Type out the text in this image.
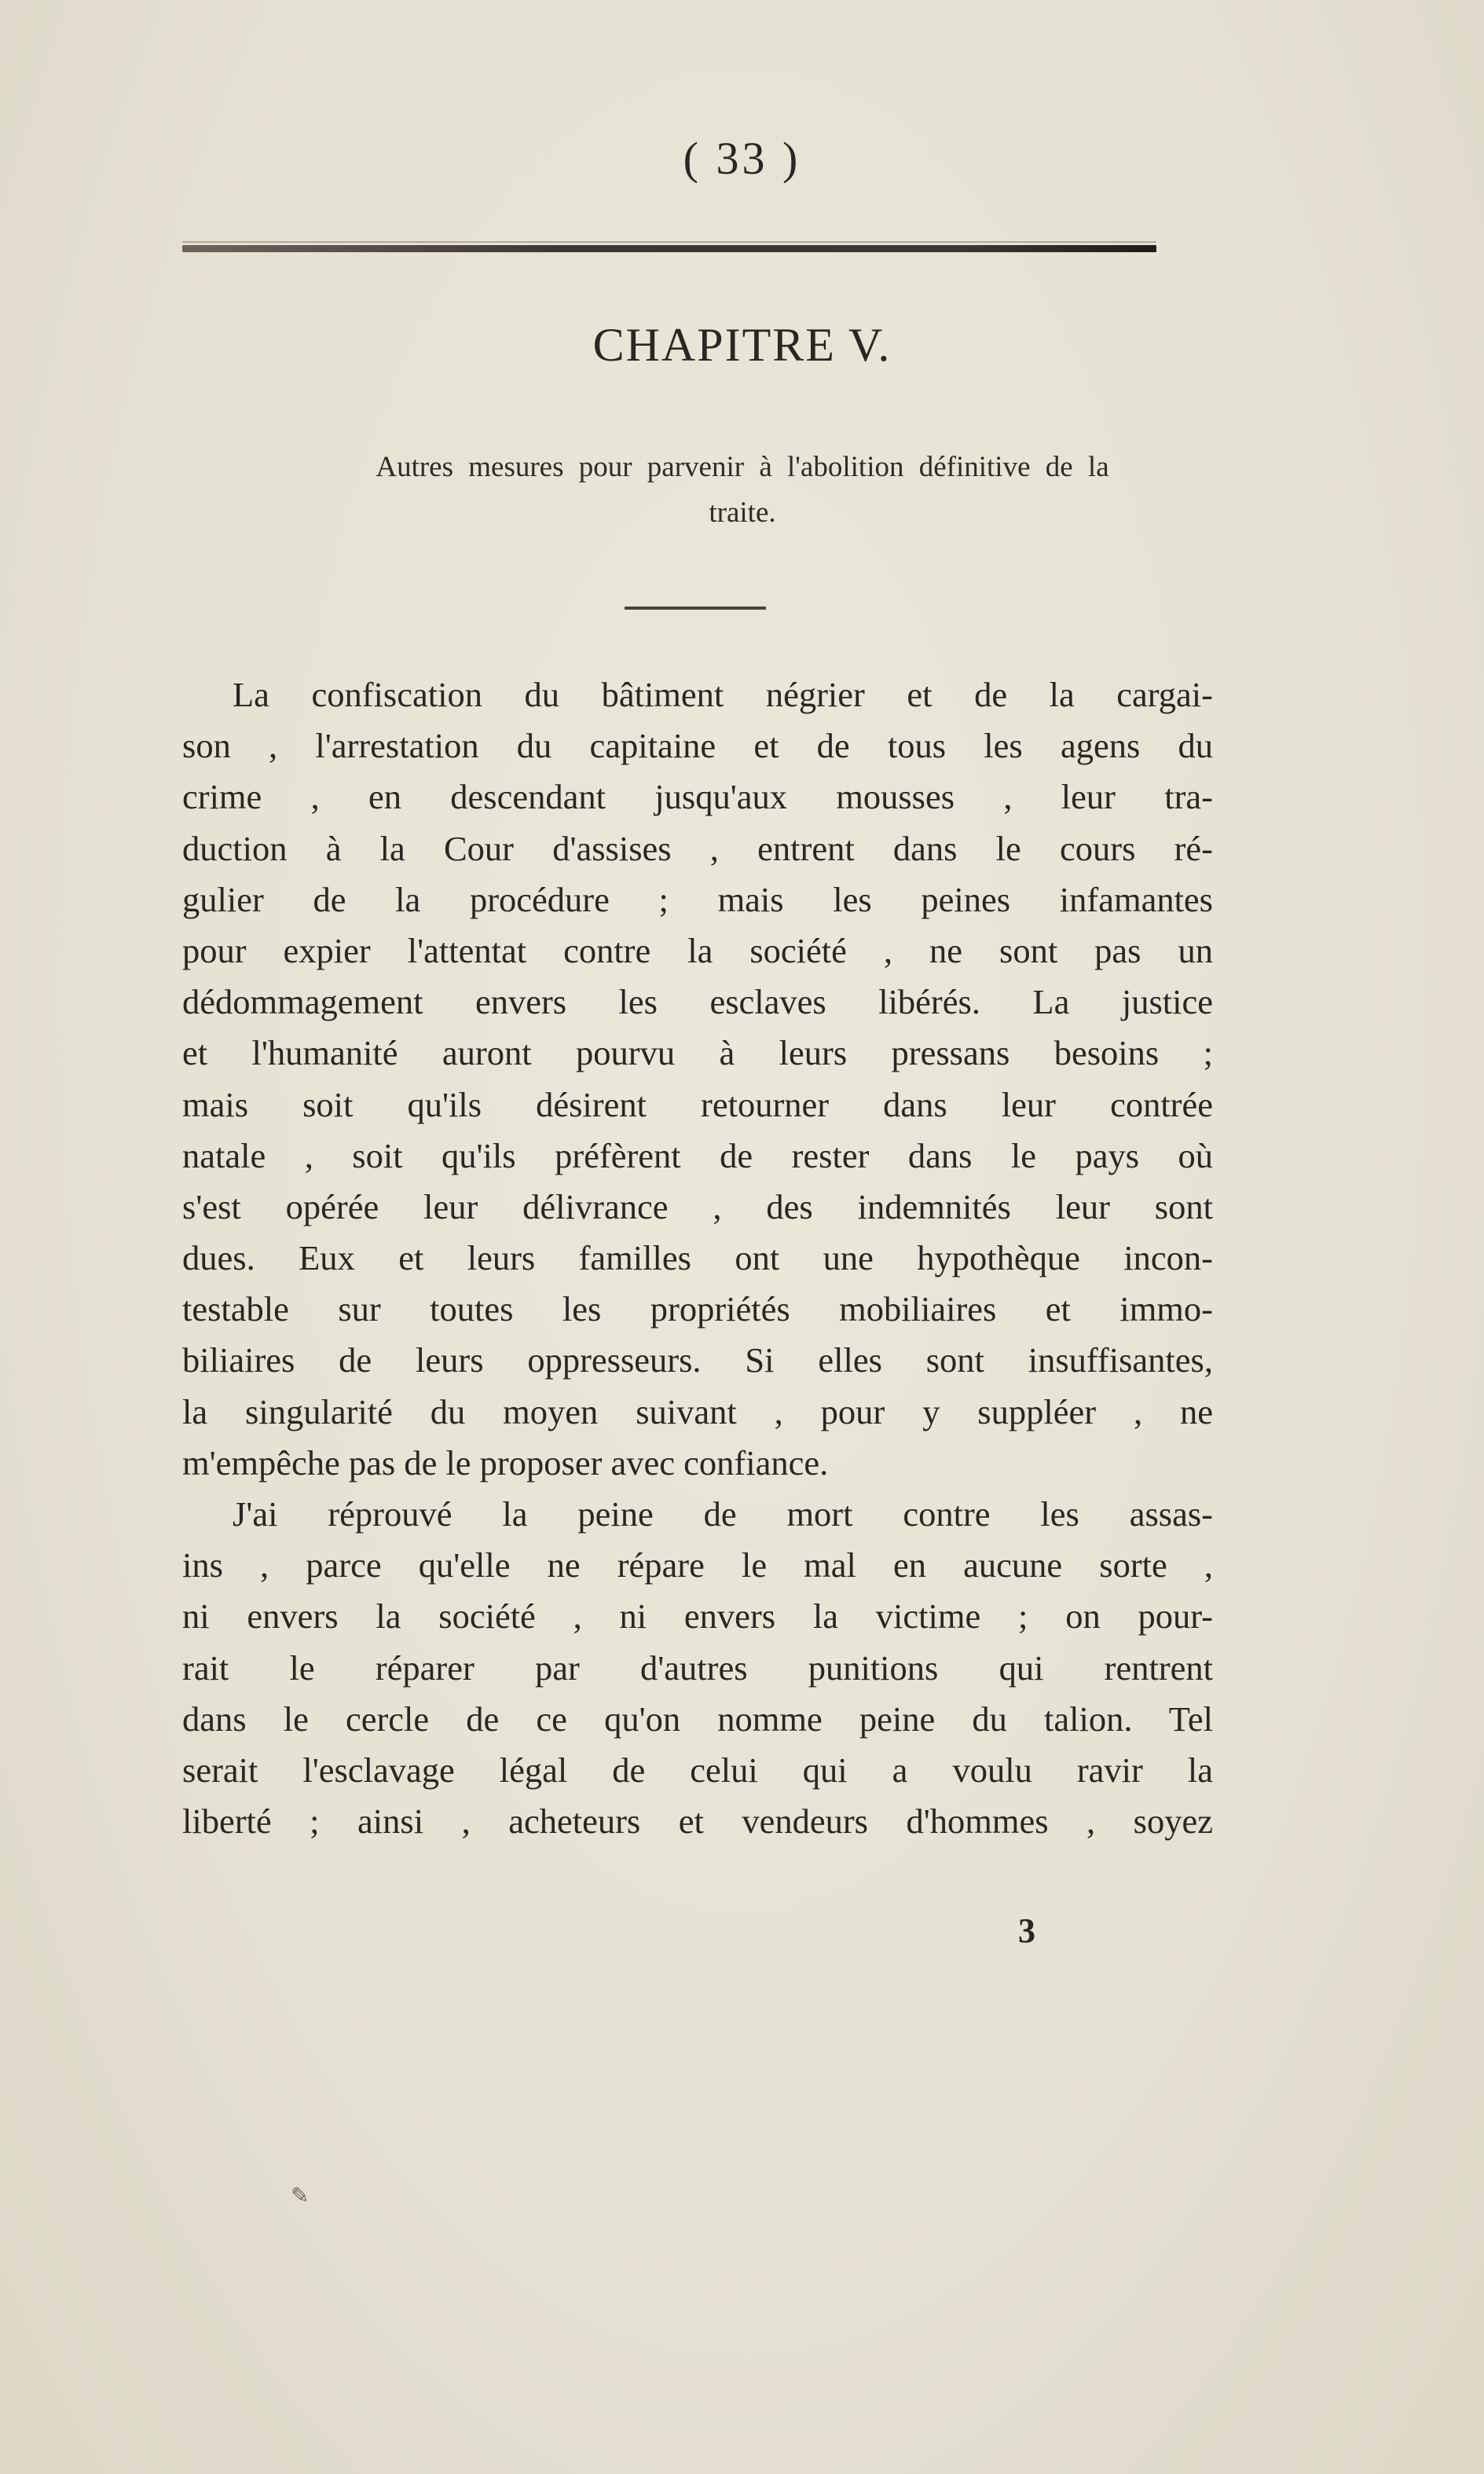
( 33 )
CHAPITRE V.
Autres mesures pour parvenir à l'abolition définitive de la
traite.
La confiscation du bâtiment négrier et de la cargai-
son , l'arrestation du capitaine et de tous les agens du
crime , en descendant jusqu'aux mousses , leur tra-
duction à la Cour d'assises , entrent dans le cours ré-
gulier de la procédure ; mais les peines infamantes
pour expier l'attentat contre la société , ne sont pas un
dédommagement envers les esclaves libérés. La justice
et l'humanité auront pourvu à leurs pressans besoins ;
mais soit qu'ils désirent retourner dans leur contrée
natale , soit qu'ils préfèrent de rester dans le pays où
s'est opérée leur délivrance , des indemnités leur sont
dues. Eux et leurs familles ont une hypothèque incon-
testable sur toutes les propriétés mobiliaires et immo-
biliaires de leurs oppresseurs. Si elles sont insuffisantes,
la singularité du moyen suivant , pour y suppléer , ne
m'empêche pas de le proposer avec confiance.
J'ai réprouvé la peine de mort contre les assas-
ins , parce qu'elle ne répare le mal en aucune sorte ,
ni envers la société , ni envers la victime ; on pour-
rait le réparer par d'autres punitions qui rentrent
dans le cercle de ce qu'on nomme peine du talion. Tel
serait l'esclavage légal de celui qui a voulu ravir la
liberté ; ainsi , acheteurs et vendeurs d'hommes , soyez
3
✎
